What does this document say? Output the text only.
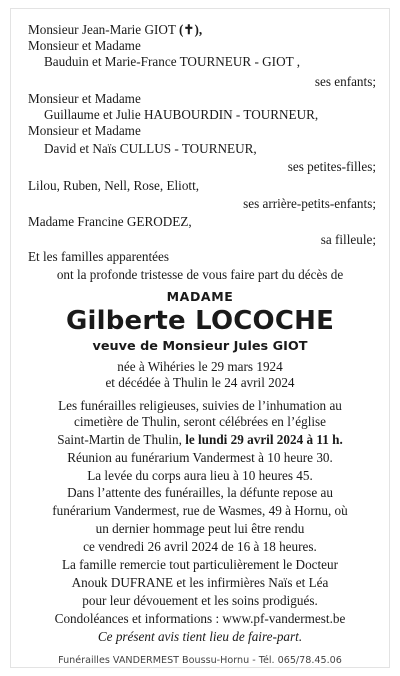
Monsieur Jean-Marie GIOT (✝),
Monsieur et Madame
Bauduin et Marie-France TOURNEUR - GIOT ,
ses enfants;
Monsieur et Madame
Guillaume et Julie HAUBOURDIN - TOURNEUR,
Monsieur et Madame
David et Naïs CULLUS - TOURNEUR,
ses petites-filles;
Lilou, Ruben, Nell, Rose, Eliott,
ses arrière-petits-enfants;
Madame Francine GERODEZ,
sa filleule;
Et les familles apparentées
ont la profonde tristesse de vous faire part du décès de
MADAME
Gilberte LOCOCHE
veuve de Monsieur Jules GIOT
née à Wihéries le 29 mars 1924
et décédée à Thulin le 24 avril 2024
Les funérailles religieuses, suivies de l’inhumation au
cimetière de Thulin, seront célébrées en l’église
Saint-Martin de Thulin, le lundi 29 avril 2024 à 11 h.
Réunion au funérarium Vandermest à 10 heure 30.
La levée du corps aura lieu à 10 heures 45.
Dans l’attente des funérailles, la défunte repose au
funérarium Vandermest, rue de Wasmes, 49 à Hornu, où
un dernier hommage peut lui être rendu
ce vendredi 26 avril 2024 de 16 à 18 heures.
La famille remercie tout particulièrement le Docteur
Anouk DUFRANE et les infirmières Naïs et Léa
pour leur dévouement et les soins prodigués.
Condoléances et informations : www.pf-vandermest.be
Ce présent avis tient lieu de faire-part.
Funérailles VANDERMEST Boussu-Hornu - Tél. 065/78.45.06
